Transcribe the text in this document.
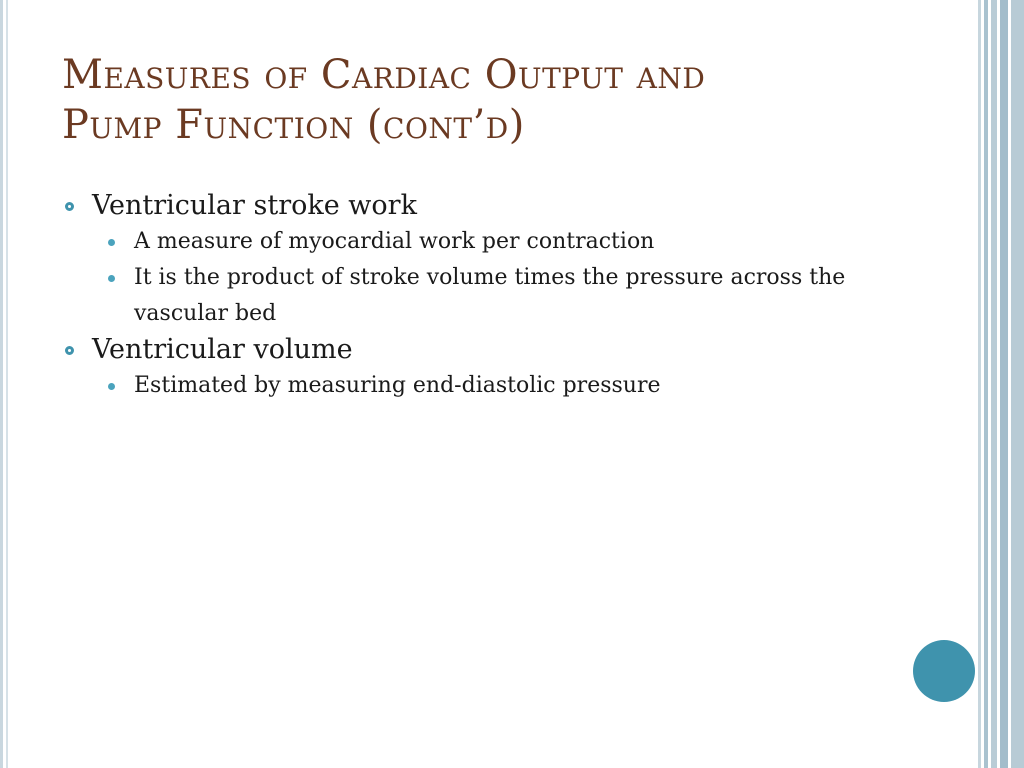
Measures of Cardiac Output and
Pump Function (cont’d)
Ventricular stroke work
A measure of myocardial work per contraction
It is the product of stroke volume times the pressure across the vascular bed
Ventricular volume
Estimated by measuring end-diastolic pressure
